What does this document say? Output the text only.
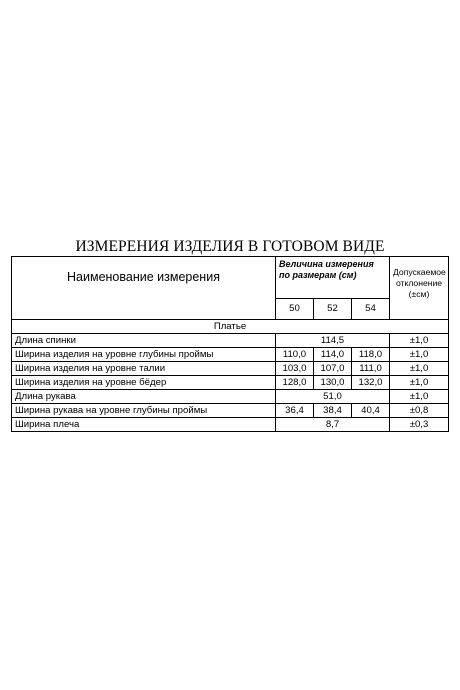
ИЗМЕРЕНИЯ ИЗДЕЛИЯ В ГОТОВОМ ВИДЕ
Наименование измерения	Величина измерения по размерам (см)			Допускаемое
отклонение
(±см)
	50	52	54	
Платье				
Длина спинки	114,5			±1,0
Ширина изделия на уровне глубины проймы	110,0	114,0	118,0	±1,0
Ширина изделия на уровне талии	103,0	107,0	111,0	±1,0
Ширина изделия на уровне бёдер	128,0	130,0	132,0	±1,0
Длина рукава	51,0			±1,0
Ширина рукава на уровне глубины проймы	36,4	38,4	40,4	±0,8
Ширина плеча	8,7			±0,3
